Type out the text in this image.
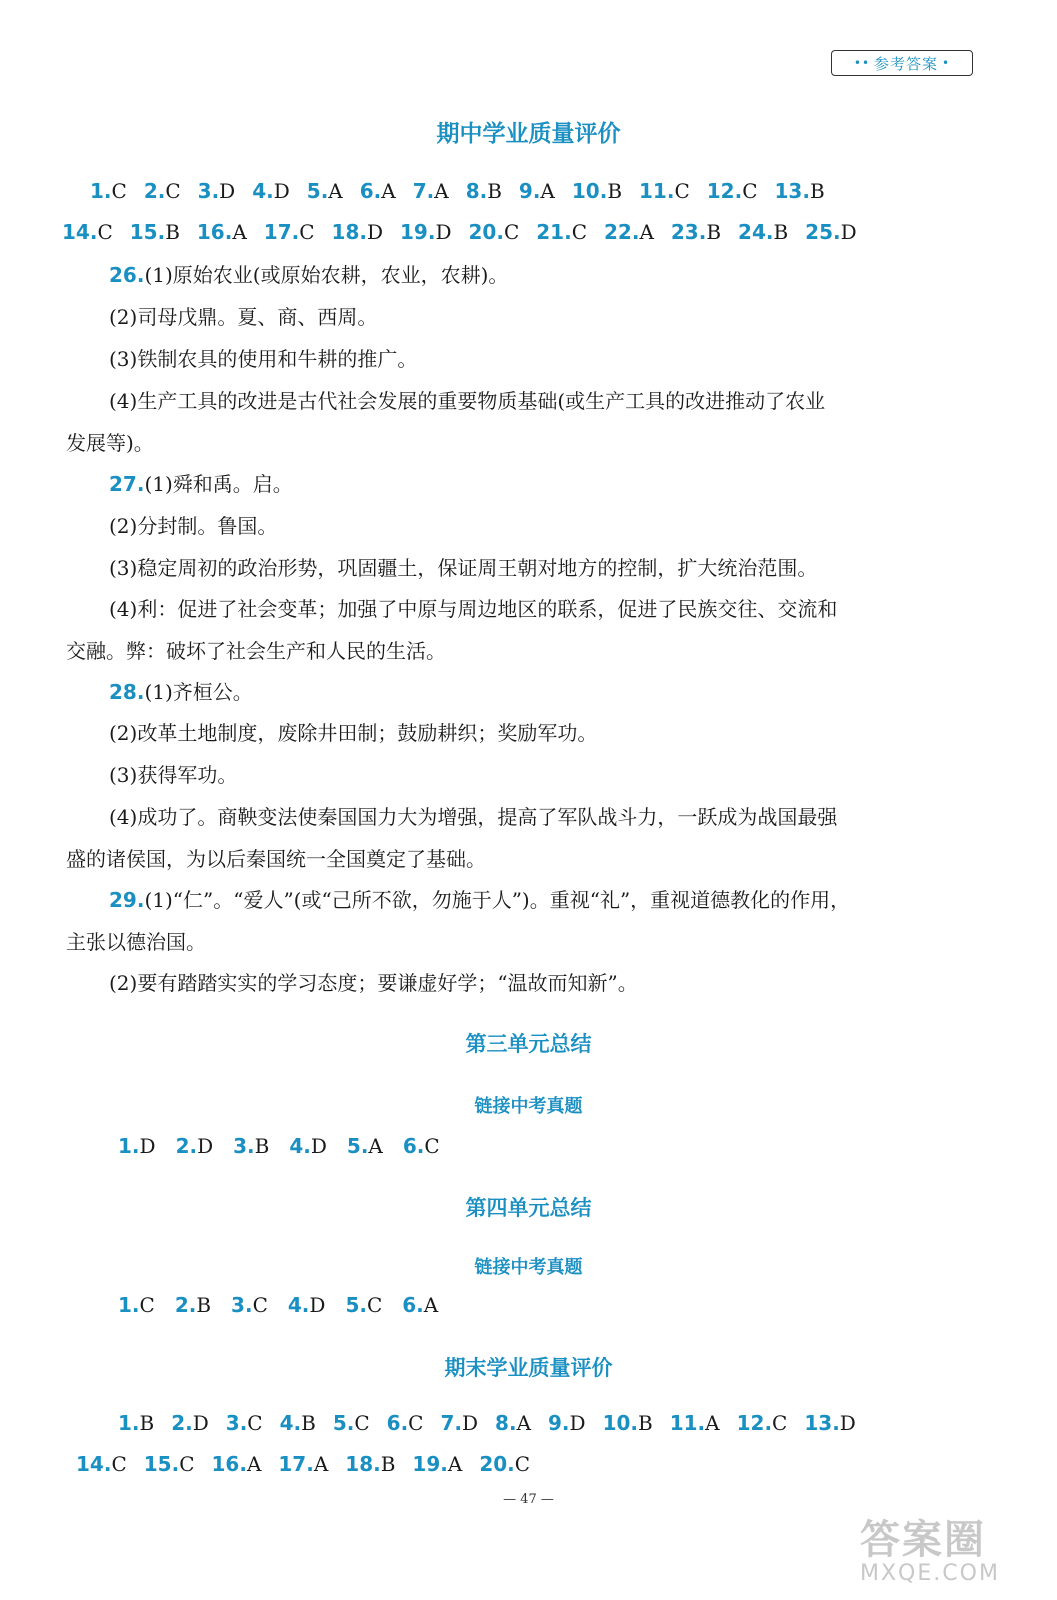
•• 参考答案 •
期中学业质量评价
1.C 2.C 3.D 4.D 5.A 6.A 7.A 8.B 9.A 10.B 11.C 12.C 13.B
14.C 15.B 16.A 17.C 18.D 19.D 20.C 21.C 22.A 23.B 24.B 25.D
26.(1)原始农业(或原始农耕，农业，农耕)。
(2)司母戊鼎。夏、商、西周。
(3)铁制农具的使用和牛耕的推广。
(4)生产工具的改进是古代社会发展的重要物质基础(或生产工具的改进推动了农业
发展等)。
27.(1)舜和禹。启。
(2)分封制。鲁国。
(3)稳定周初的政治形势，巩固疆土，保证周王朝对地方的控制，扩大统治范围。
(4)利：促进了社会变革；加强了中原与周边地区的联系，促进了民族交往、交流和
交融。弊：破坏了社会生产和人民的生活。
28.(1)齐桓公。
(2)改革土地制度，废除井田制；鼓励耕织；奖励军功。
(3)获得军功。
(4)成功了。商鞅变法使秦国国力大为增强，提高了军队战斗力，一跃成为战国最强
盛的诸侯国，为以后秦国统一全国奠定了基础。
29.(1)“仁”。“爱人”(或“己所不欲，勿施于人”)。重视“礼”，重视道德教化的作用，
主张以德治国。
(2)要有踏踏实实的学习态度；要谦虚好学；“温故而知新”。
第三单元总结
链接中考真题
1.D 2.D 3.B 4.D 5.A 6.C
第四单元总结
链接中考真题
1.C 2.B 3.C 4.D 5.C 6.A
期末学业质量评价
1.B 2.D 3.C 4.B 5.C 6.C 7.D 8.A 9.D 10.B 11.A 12.C 13.D
14.C 15.C 16.A 17.A 18.B 19.A 20.C
— 47 —
答案圈
MXQE.COM
